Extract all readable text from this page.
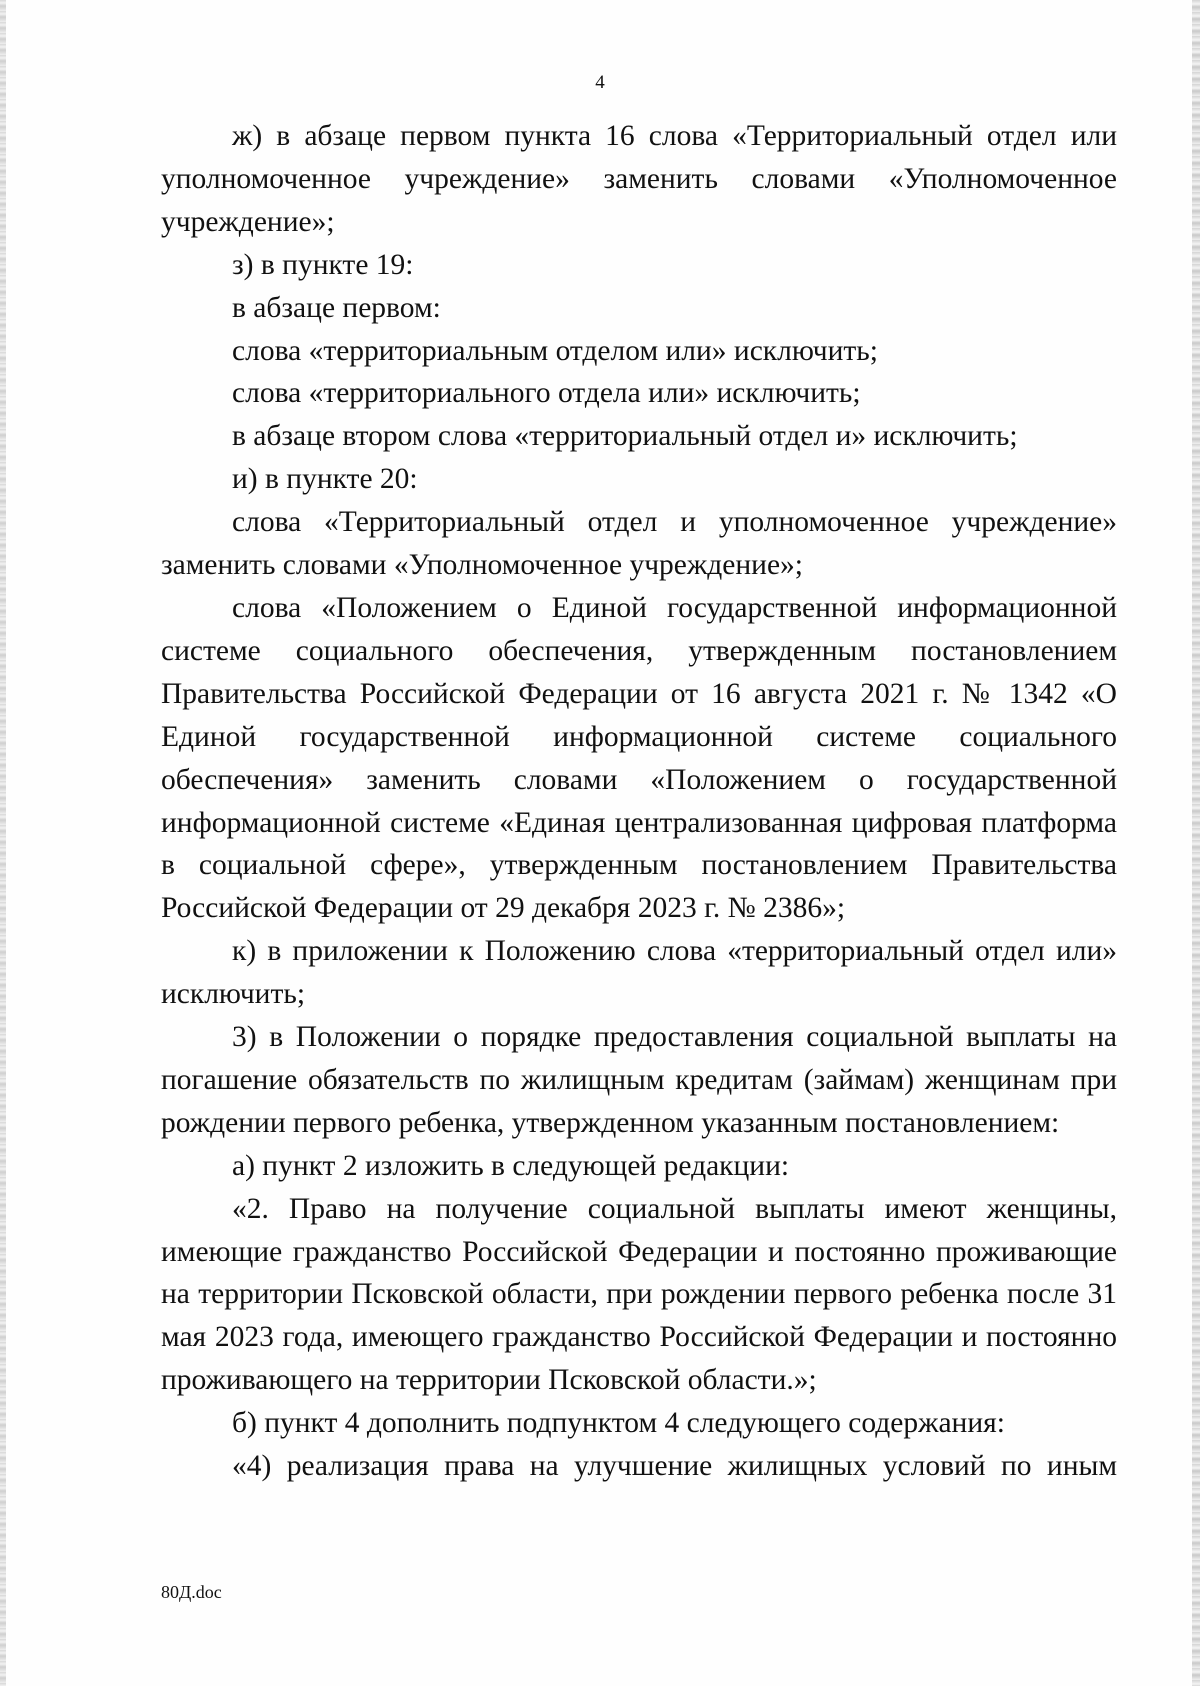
4

ж) в абзаце первом пункта 16 слова «Территориальный отдел или уполномоченное учреждение» заменить словами «Уполномоченное учреждение»;

з) в пункте 19:

в абзаце первом:

слова «территориальным отделом или» исключить;

слова «территориального отдела или» исключить;

в абзаце втором слова «территориальный отдел и» исключить;

и) в пункте 20:

слова «Территориальный отдел и уполномоченное учреждение» заменить словами «Уполномоченное учреждение»;

слова «Положением о Единой государственной информационной системе социального обеспечения, утвержденным постановлением Правительства Российской Федерации от 16 августа 2021 г. № 1342 «О Единой государственной информационной системе социального обеспечения» заменить словами «Положением о государственной информационной системе «Единая централизованная цифровая платформа в социальной сфере», утвержденным постановлением Правительства Российской Федерации от 29 декабря 2023 г. № 2386»;

к) в приложении к Положению слова «территориальный отдел или» исключить;

3) в Положении о порядке предоставления социальной выплаты на погашение обязательств по жилищным кредитам (займам) женщинам при рождении первого ребенка, утвержденном указанным постановлением:

а) пункт 2 изложить в следующей редакции:

«2. Право на получение социальной выплаты имеют женщины, имеющие гражданство Российской Федерации и постоянно проживающие на территории Псковской области, при рождении первого ребенка после 31 мая 2023 года, имеющего гражданство Российской Федерации и постоянно проживающего на территории Псковской области.»;

б) пункт 4 дополнить подпунктом 4 следующего содержания:

«4) реализация права на улучшение жилищных условий по иным

80Д.doc
